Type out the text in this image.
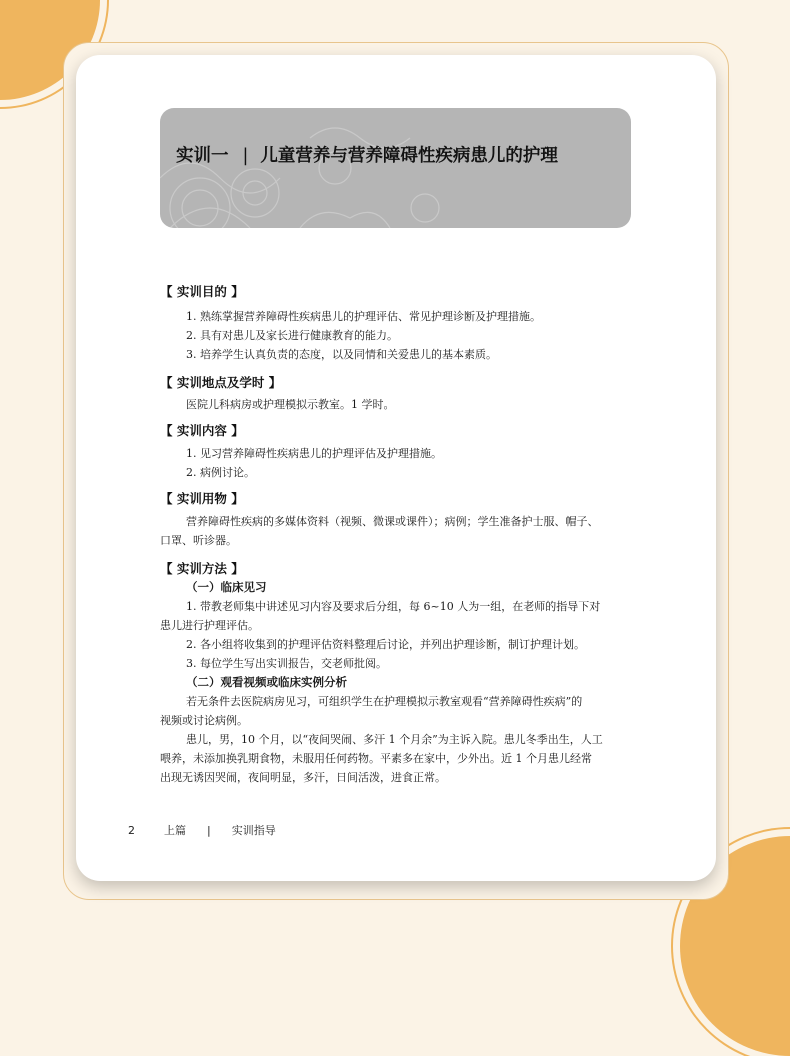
实训一 | 儿童营养与营养障碍性疾病患儿的护理
【 实训目的 】
1. 熟练掌握营养障碍性疾病患儿的护理评估、常见护理诊断及护理措施。
2. 具有对患儿及家长进行健康教育的能力。
3. 培养学生认真负责的态度，以及同情和关爱患儿的基本素质。
【 实训地点及学时 】
医院儿科病房或护理模拟示教室。1 学时。
【 实训内容 】
1. 见习营养障碍性疾病患儿的护理评估及护理措施。
2. 病例讨论。
【 实训用物 】
营养障碍性疾病的多媒体资料（视频、微课或课件）；病例；学生准备护士服、帽子、
口罩、听诊器。
【 实训方法 】
（一）临床见习
1. 带教老师集中讲述见习内容及要求后分组，每 6~10 人为一组，在老师的指导下对
患儿进行护理评估。
2. 各小组将收集到的护理评估资料整理后讨论，并列出护理诊断，制订护理计划。
3. 每位学生写出实训报告，交老师批阅。
（二）观看视频或临床实例分析
若无条件去医院病房见习，可组织学生在护理模拟示教室观看“营养障碍性疾病”的
视频或讨论病例。
患儿，男，10 个月，以“夜间哭闹、多汗 1 个月余”为主诉入院。患儿冬季出生，人工
喂养，未添加换乳期食物，未服用任何药物。平素多在家中，少外出。近 1 个月患儿经常
出现无诱因哭闹，夜间明显，多汗，日间活泼，进食正常。
2	上篇 | 实训指导
